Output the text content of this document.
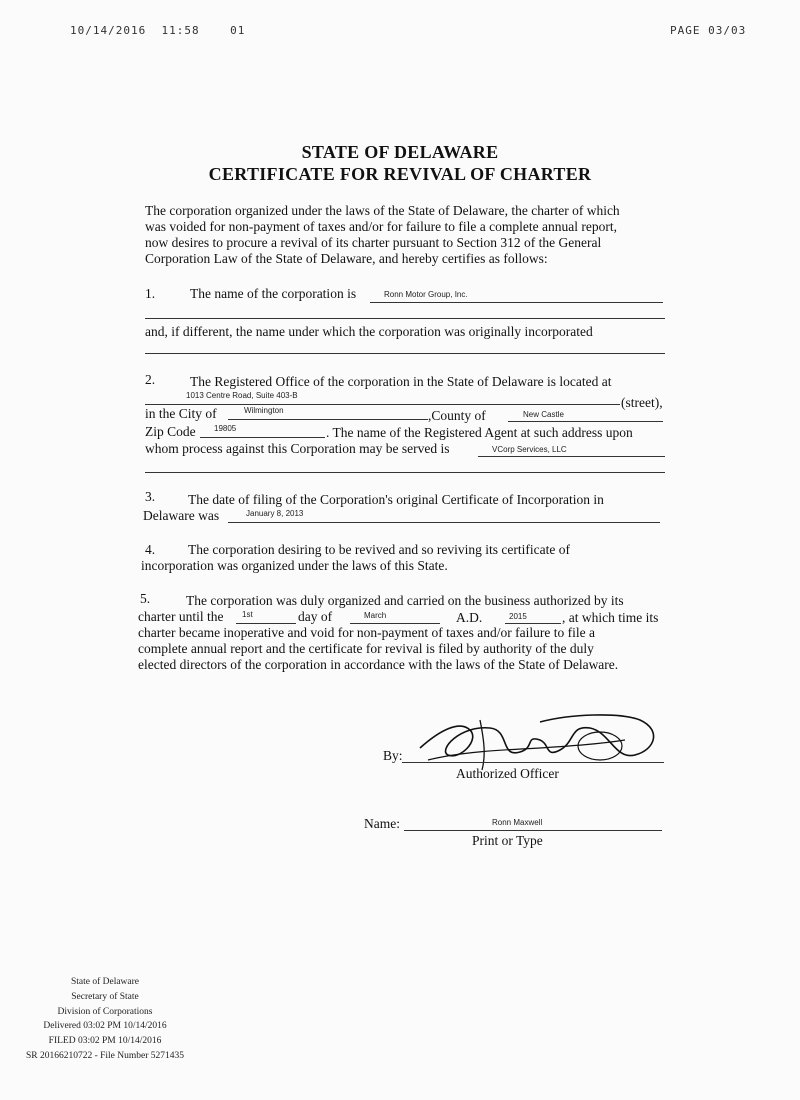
10/14/2016 11:58	01	PAGE 03/03
STATE OF DELAWARE
CERTIFICATE FOR REVIVAL OF CHARTER
The corporation organized under the laws of the State of Delaware, the charter of which
was voided for non-payment of taxes and/or for failure to file a complete annual report,
now desires to procure a revival of its charter pursuant to Section 312 of the General
Corporation Law of the State of Delaware, and hereby certifies as follows:
1.	The name of the corporation is	Ronn Motor Group, Inc.
and, if different, the name under which the corporation was originally incorporated
2.	The Registered Office of the corporation in the State of Delaware is located at
1013 Centre Road, Suite 403-B	(street),
in the City of	Wilmington	,County of	New Castle
Zip Code 19805	. The name of the Registered Agent at such address upon
whom process against this Corporation may be served is	VCorp Services, LLC
3. The date of filing of the Corporation's original Certificate of Incorporation in
Delaware was	January 8, 2013
4. The corporation desiring to be revived and so reviving its certificate of
incorporation was organized under the laws of this State.
5.	The corporation was duly organized and carried on the business authorized by its
charter until the 1st	day of	March	A.D.	2015	, at which time its
charter became inoperative and void for non-payment of taxes and/or failure to file a
complete annual report and the certificate for revival is filed by authority of the duly
elected directors of the corporation in accordance with the laws of the State of Delaware.
By:
Authorized Officer
Name:	Ronn Maxwell
Print or Type
State of Delaware
Secretary of State
Division of Corporations
Delivered 03:02 PM 10/14/2016
FILED 03:02 PM 10/14/2016
SR 20166210722 - File Number 5271435
